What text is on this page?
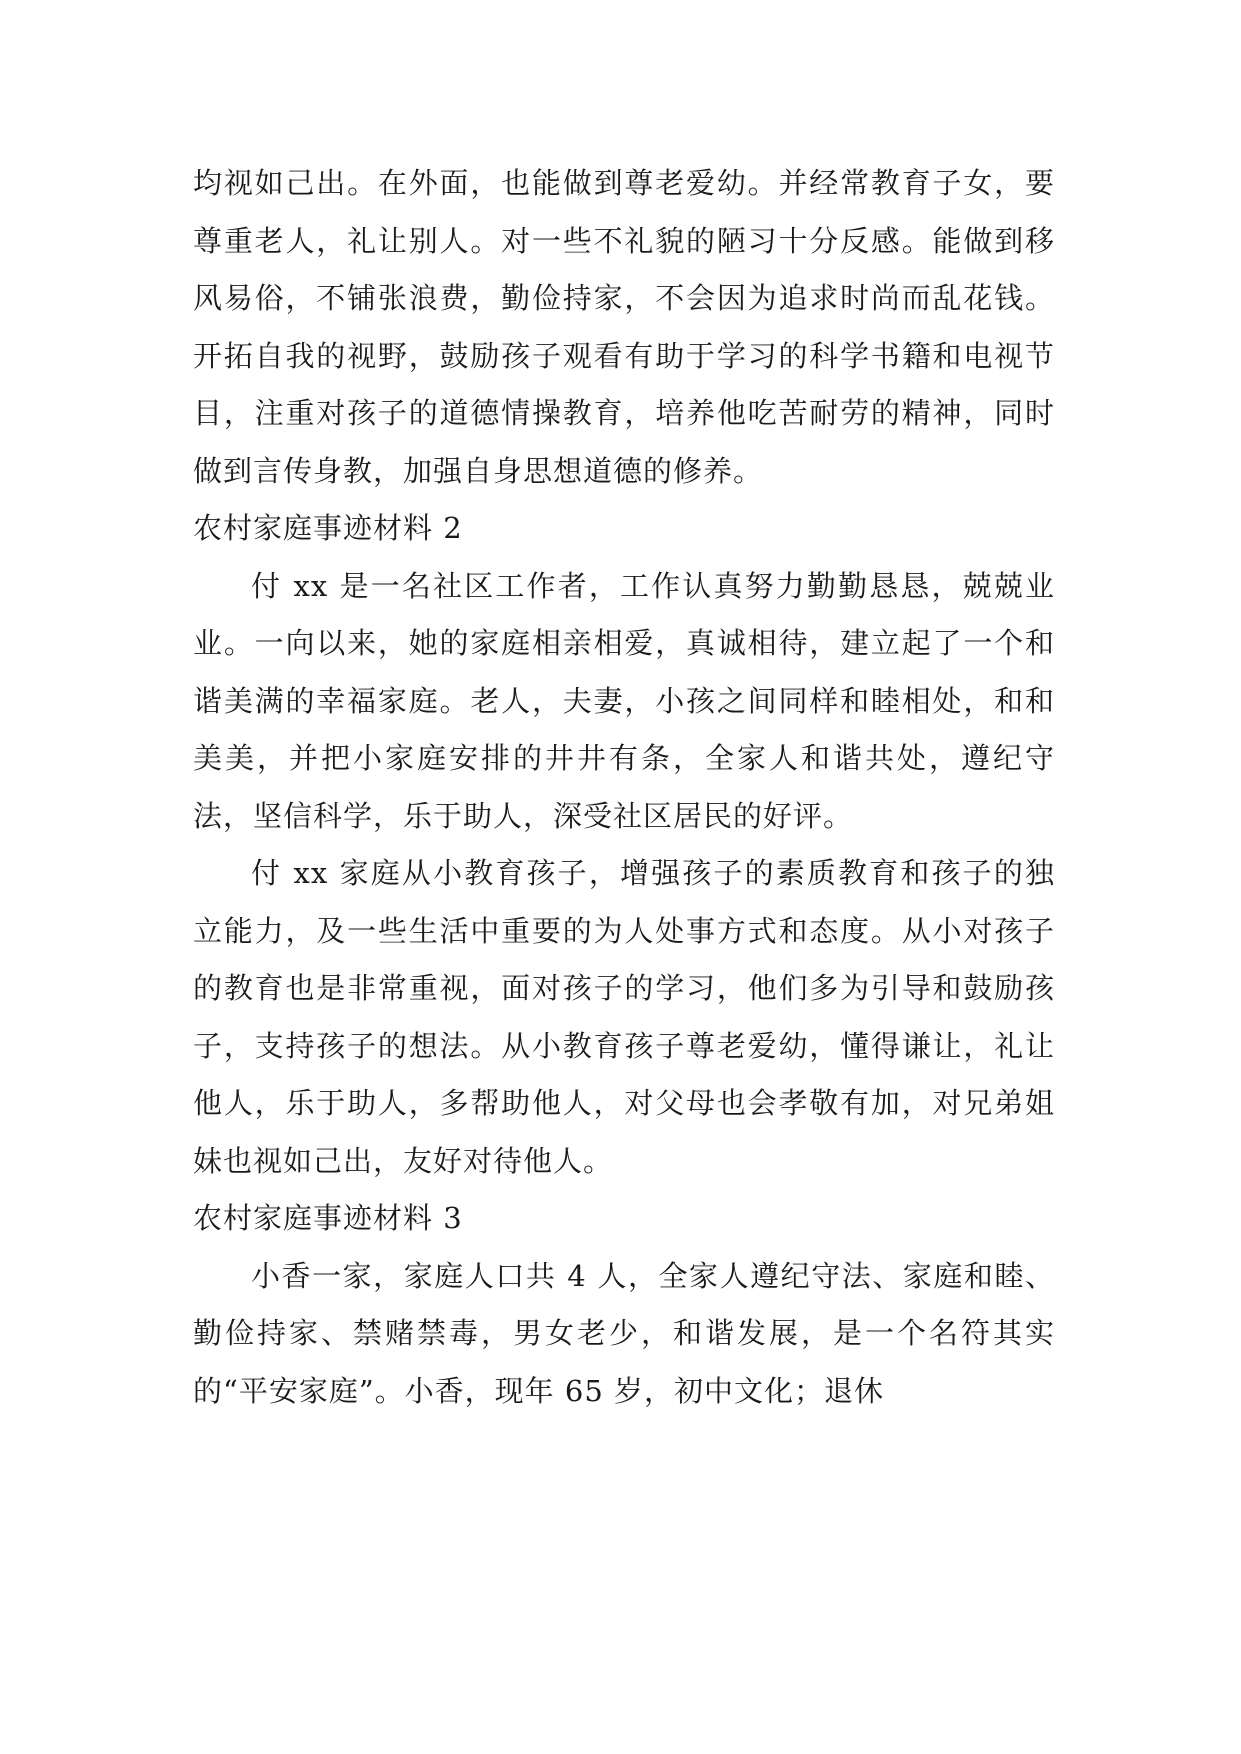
均视如己出。在外面，也能做到尊老爱幼。并经常教育子女，要尊重老人，礼让别人。对一些不礼貌的陋习十分反感。能做到移风易俗，不铺张浪费，勤俭持家，不会因为追求时尚而乱花钱。开拓自我的视野，鼓励孩子观看有助于学习的科学书籍和电视节目，注重对孩子的道德情操教育，培养他吃苦耐劳的精神，同时做到言传身教，加强自身思想道德的修养。

农村家庭事迹材料 2

付 xx 是一名社区工作者，工作认真努力勤勤恳恳，兢兢业业。一向以来，她的家庭相亲相爱，真诚相待，建立起了一个和谐美满的幸福家庭。老人，夫妻，小孩之间同样和睦相处，和和美美，并把小家庭安排的井井有条，全家人和谐共处，遵纪守法，坚信科学，乐于助人，深受社区居民的好评。

付 xx 家庭从小教育孩子，增强孩子的素质教育和孩子的独立能力，及一些生活中重要的为人处事方式和态度。从小对孩子的教育也是非常重视，面对孩子的学习，他们多为引导和鼓励孩子，支持孩子的想法。从小教育孩子尊老爱幼，懂得谦让，礼让他人，乐于助人，多帮助他人，对父母也会孝敬有加，对兄弟姐妹也视如己出，友好对待他人。

农村家庭事迹材料 3

小香一家，家庭人口共 4 人，全家人遵纪守法、家庭和睦、勤俭持家、禁赌禁毒，男女老少，和谐发展，是一个名符其实的“平安家庭”。小香，现年 65 岁，初中文化；退休
